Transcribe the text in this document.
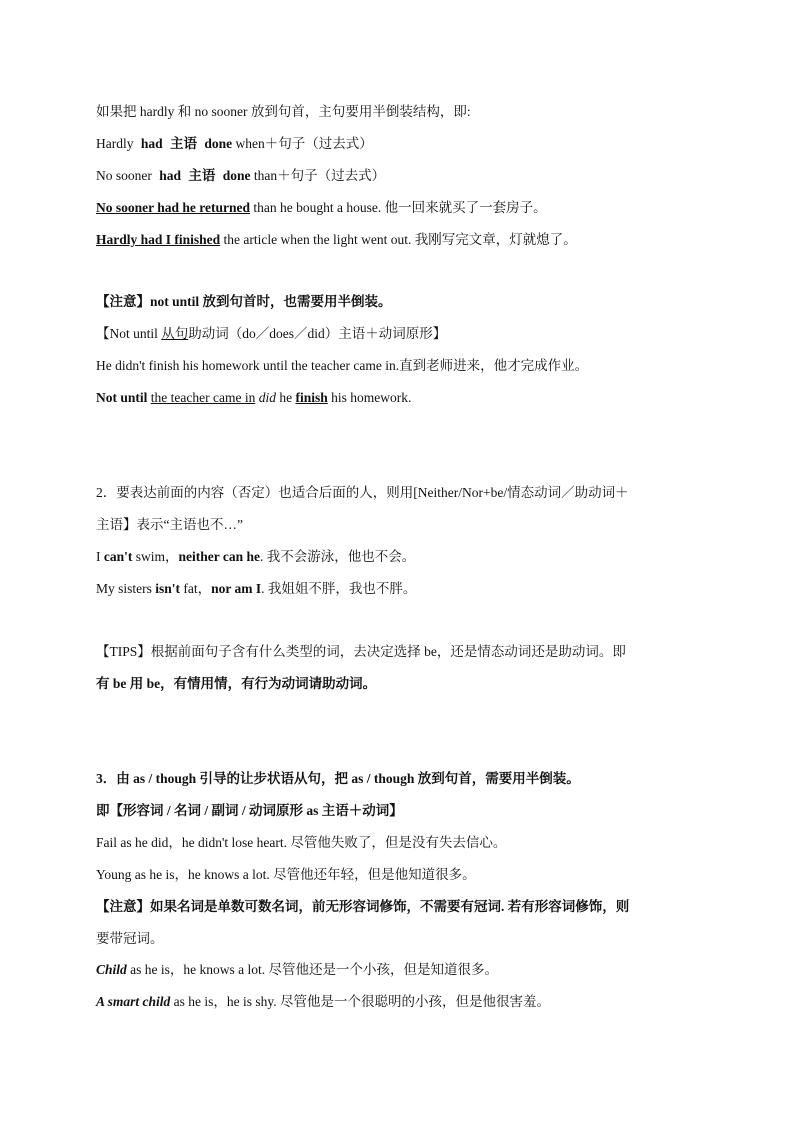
如果把 hardly 和 no sooner 放到句首，主句要用半倒装结构，即:
Hardly had 主语 done when＋句子（过去式）
No sooner had 主语 done than＋句子（过去式）
No sooner had he returned than he bought a house. 他一回来就买了一套房子。
Hardly had I finished the article when the light went out. 我刚写完文章，灯就熄了。
【注意】not until 放到句首时，也需要用半倒装。
【Not until 从句助动词（do／does／did）主语＋动词原形】
He didn't finish his homework until the teacher came in.直到老师进来，他才完成作业。
Not until the teacher came in did he finish his homework.
2．要表达前面的内容（否定）也适合后面的人，则用[Neither/Nor+be/情态动词／助动词＋
主语】表示“主语也不…”
I can't swim，neither can he. 我不会游泳，他也不会。
My sisters isn't fat，nor am I. 我姐姐不胖，我也不胖。
【TIPS】根据前面句子含有什么类型的词，去决定选择 be，还是情态动词还是助动词。即
有 be 用 be，有情用情，有行为动词请助动词。
3．由 as / though 引导的让步状语从句，把 as / though 放到句首，需要用半倒装。
即【形容词 / 名词 / 副词 / 动词原形 as 主语＋动词】
Fail as he did，he didn't lose heart. 尽管他失败了，但是没有失去信心。
Young as he is，he knows a lot. 尽管他还年轻，但是他知道很多。
【注意】如果名词是单数可数名词，前无形容词修饰，不需要有冠词. 若有形容词修饰，则
要带冠词。
Child as he is，he knows a lot. 尽管他还是一个小孩，但是知道很多。
A smart child as he is，he is shy. 尽管他是一个很聪明的小孩，但是他很害羞。
